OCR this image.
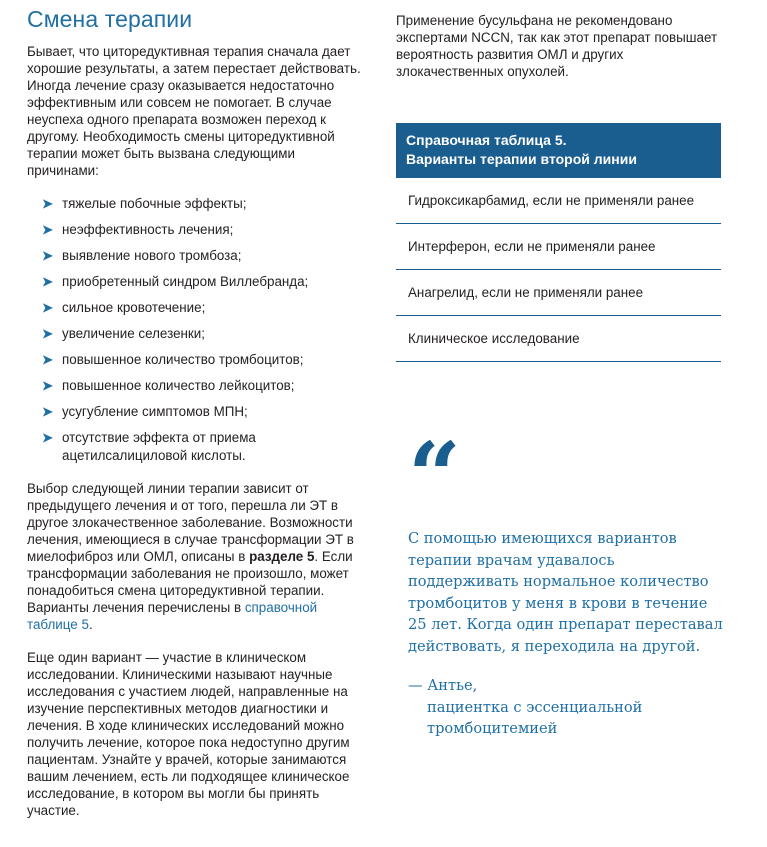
Смена терапии

Бывает, что циторедуктивная терапия сначала дает хорошие результаты, а затем перестает действовать. Иногда лечение сразу оказывается недостаточно эффективным или совсем не помогает. В случае неуспеха одного препарата возможен переход к другому. Необходимость смены циторедуктивной терапии может быть вызвана следующими причинами:

➤ тяжелые побочные эффекты;
➤ неэффективность лечения;
➤ выявление нового тромбоза;
➤ приобретенный синдром Виллебранда;
➤ сильное кровотечение;
➤ увеличение селезенки;
➤ повышенное количество тромбоцитов;
➤ повышенное количество лейкоцитов;
➤ усугубление симптомов МПН;
➤ отсутствие эффекта от приема ацетилсалициловой кислоты.

Выбор следующей линии терапии зависит от предыдущего лечения и от того, перешла ли ЭТ в другое злокачественное заболевание. Возможности лечения, имеющиеся в случае трансформации ЭТ в миелофиброз или ОМЛ, описаны в разделе 5. Если трансформации заболевания не произошло, может понадобиться смена циторедуктивной терапии. Варианты лечения перечислены в справочной таблице 5.

Еще один вариант — участие в клиническом исследовании. Клиническими называют научные исследования с участием людей, направленные на изучение перспективных методов диагностики и лечения. В ходе клинических исследований можно получить лечение, которое пока недоступно другим пациентам. Узнайте у врачей, которые занимаются вашим лечением, есть ли подходящее клиническое исследование, в котором вы могли бы принять участие.

Применение бусульфана не рекомендовано экспертами NCCN, так как этот препарат повышает вероятность развития ОМЛ и других злокачественных опухолей.

Справочная таблица 5.
Варианты терапии второй линии
Гидроксикарбамид, если не применяли ранее
Интерферон, если не применяли ранее
Анагрелид, если не применяли ранее
Клиническое исследование
“
С помощью имеющихся вариантов терапии врачам удавалось поддерживать нормальное количество тромбоцитов у меня в крови в течение 25 лет. Когда один препарат переставал действовать, я переходила на другой.
— Антье,
пациентка с эссенциальной тромбоцитемией
